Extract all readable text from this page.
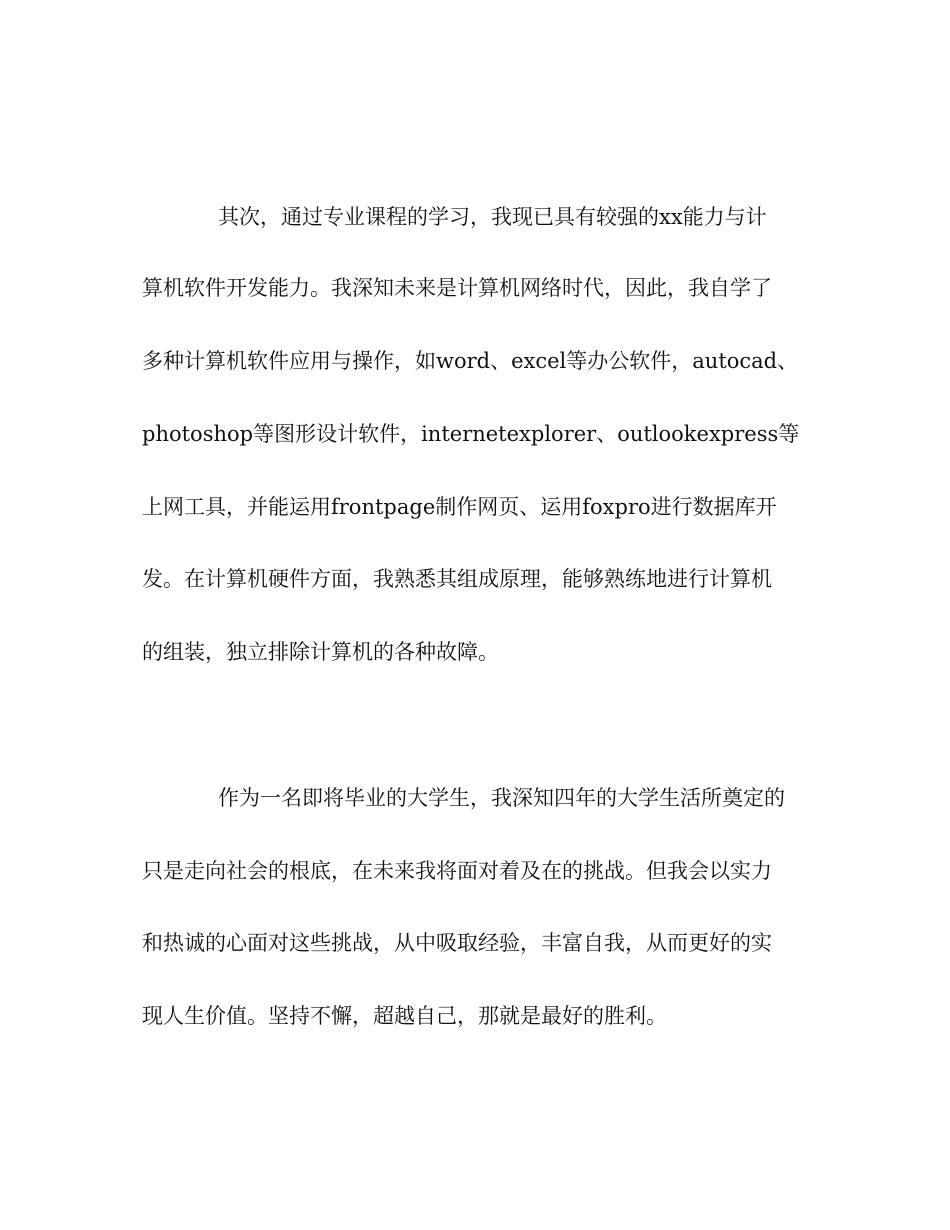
其次，通过专业课程的学习，我现已具有较强的xx能力与计

算机软件开发能力。我深知未来是计算机网络时代，因此，我自学了

多种计算机软件应用与操作，如word、excel等办公软件，autocad、

photoshop等图形设计软件，internetexplorer、outlookexpress等

上网工具，并能运用frontpage制作网页、运用foxpro进行数据库开

发。在计算机硬件方面，我熟悉其组成原理，能够熟练地进行计算机

的组装，独立排除计算机的各种故障。

作为一名即将毕业的大学生，我深知四年的大学生活所奠定的

只是走向社会的根底，在未来我将面对着及在的挑战。但我会以实力

和热诚的心面对这些挑战，从中吸取经验，丰富自我，从而更好的实

现人生价值。坚持不懈，超越自己，那就是最好的胜利。
